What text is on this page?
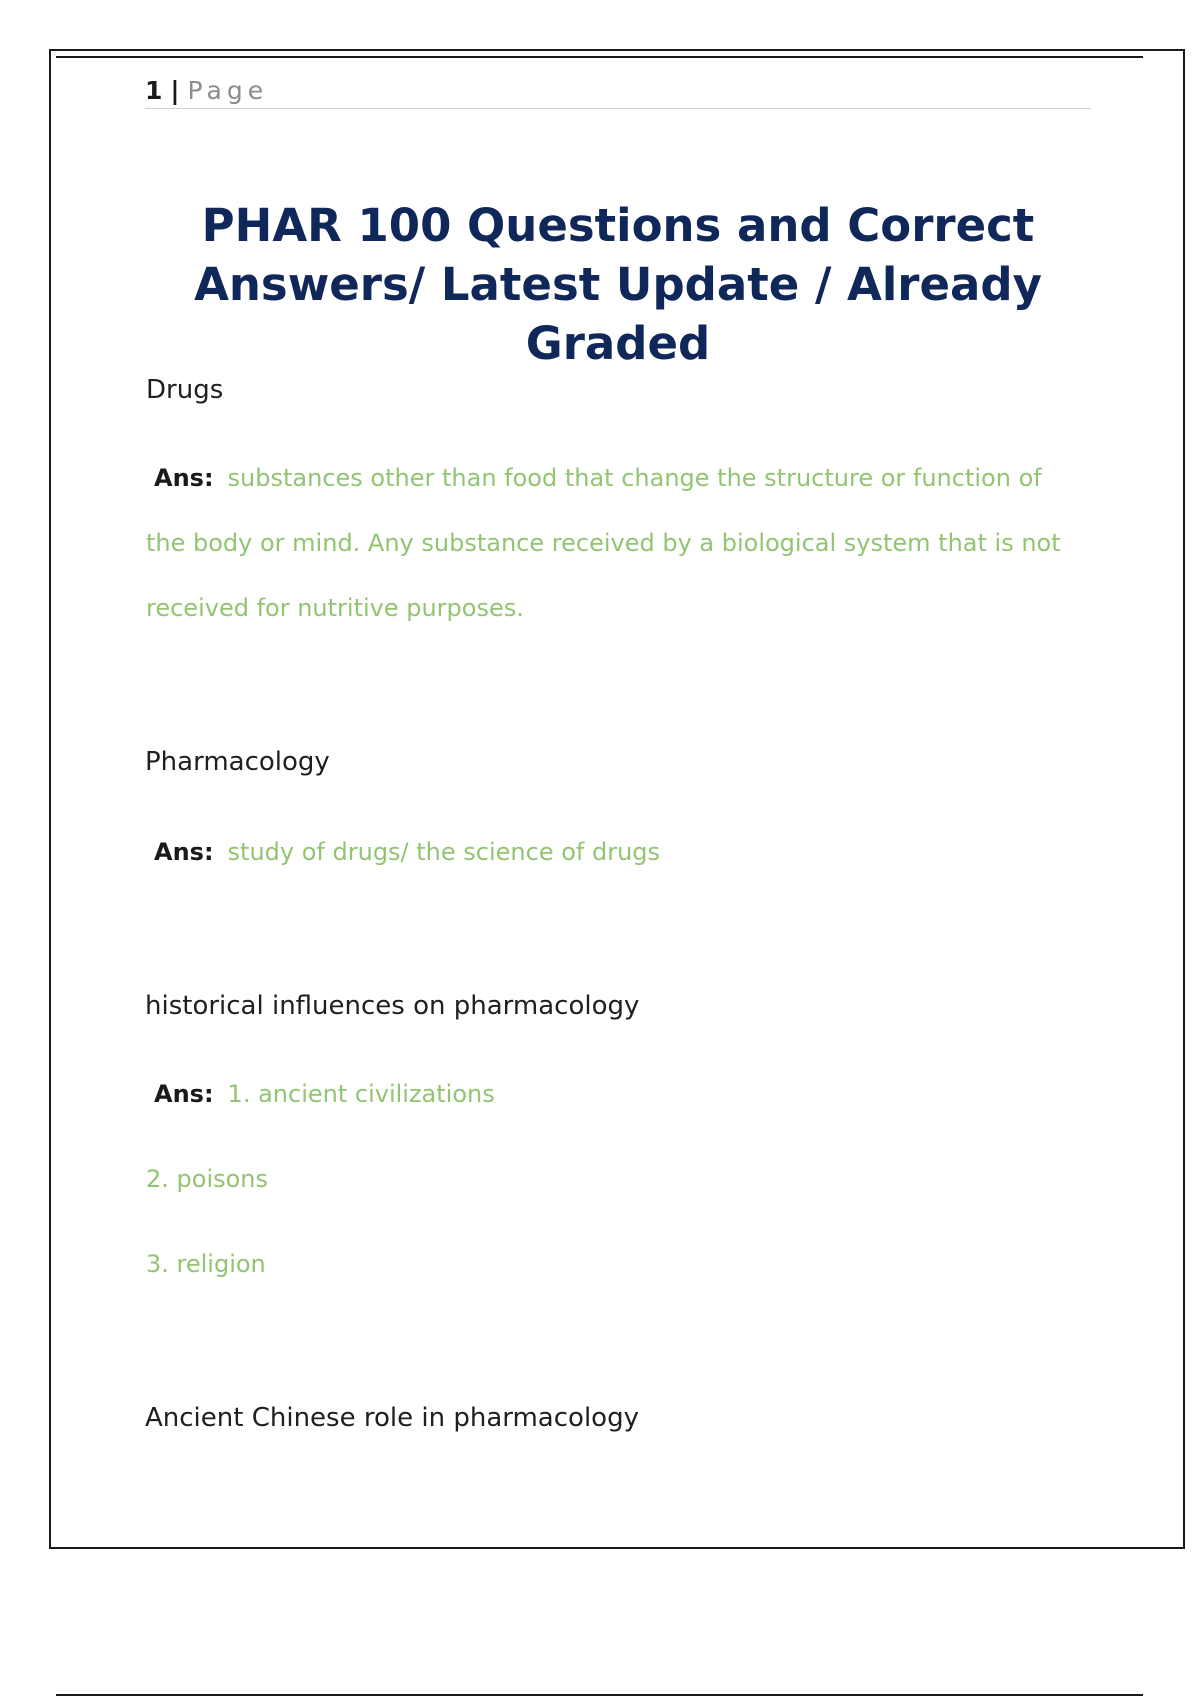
1 | Page
PHAR 100 Questions and Correct Answers/ Latest Update / Already Graded

Drugs

Ans: substances other than food that change the structure or function of the body or mind. Any substance received by a biological system that is not received for nutritive purposes.

Pharmacology

Ans: study of drugs/ the science of drugs

historical influences on pharmacology

Ans: 1. ancient civilizations

2. poisons

3. religion

Ancient Chinese role in pharmacology
